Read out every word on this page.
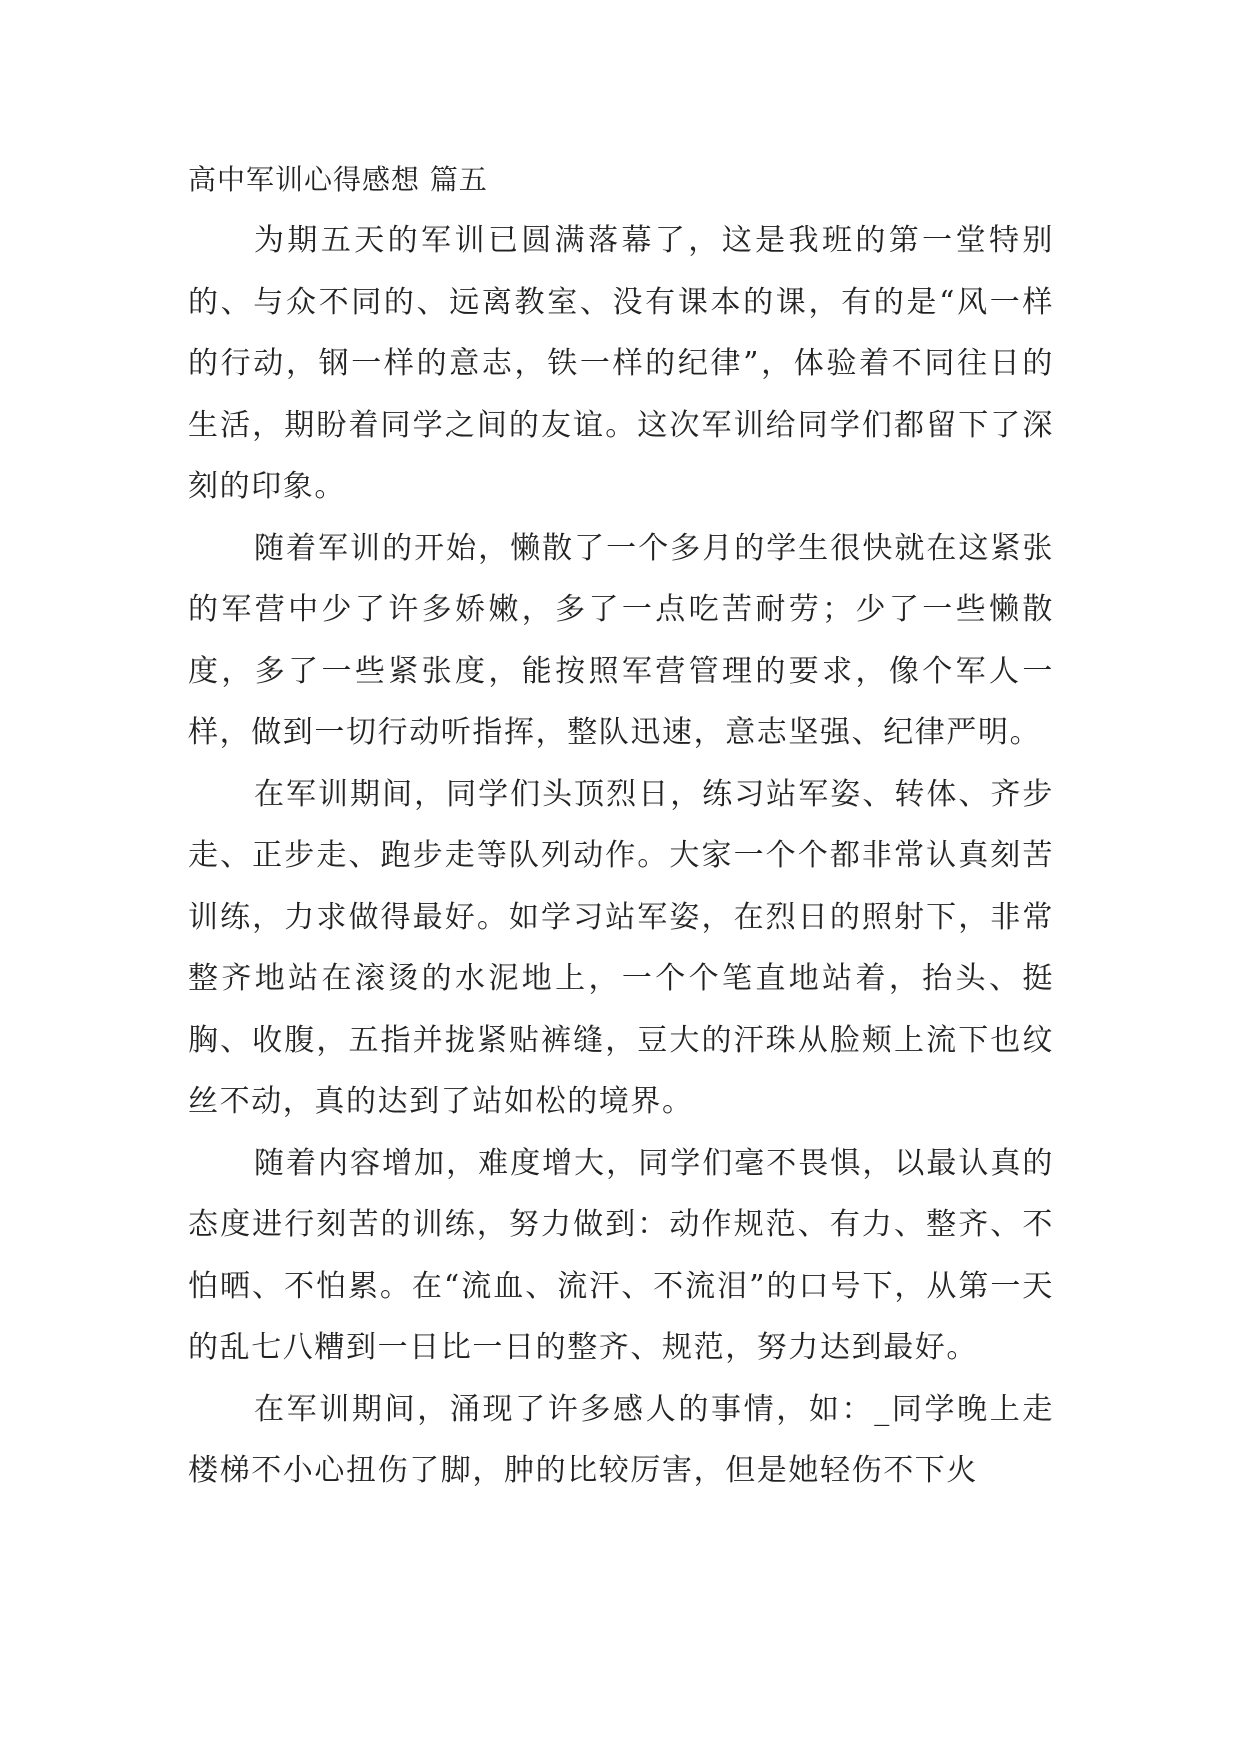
高中军训心得感想 篇五

为期五天的军训已圆满落幕了，这是我班的第一堂特别的、与众不同的、远离教室、没有课本的课，有的是“风一样的行动，钢一样的意志，铁一样的纪律”，体验着不同往日的生活，期盼着同学之间的友谊。这次军训给同学们都留下了深刻的印象。

随着军训的开始，懒散了一个多月的学生很快就在这紧张的军营中少了许多娇嫩，多了一点吃苦耐劳；少了一些懒散度，多了一些紧张度，能按照军营管理的要求，像个军人一样，做到一切行动听指挥，整队迅速，意志坚强、纪律严明。

在军训期间，同学们头顶烈日，练习站军姿、转体、齐步走、正步走、跑步走等队列动作。大家一个个都非常认真刻苦训练，力求做得最好。如学习站军姿，在烈日的照射下，非常整齐地站在滚烫的水泥地上，一个个笔直地站着，抬头、挺胸、收腹，五指并拢紧贴裤缝，豆大的汗珠从脸颊上流下也纹丝不动，真的达到了站如松的境界。

随着内容增加，难度增大，同学们毫不畏惧，以最认真的态度进行刻苦的训练，努力做到：动作规范、有力、整齐、不怕晒、不怕累。在“流血、流汗、不流泪”的口号下，从第一天的乱七八糟到一日比一日的整齐、规范，努力达到最好。

在军训期间，涌现了许多感人的事情，如：_同学晚上走楼梯不小心扭伤了脚，肿的比较厉害，但是她轻伤不下火
